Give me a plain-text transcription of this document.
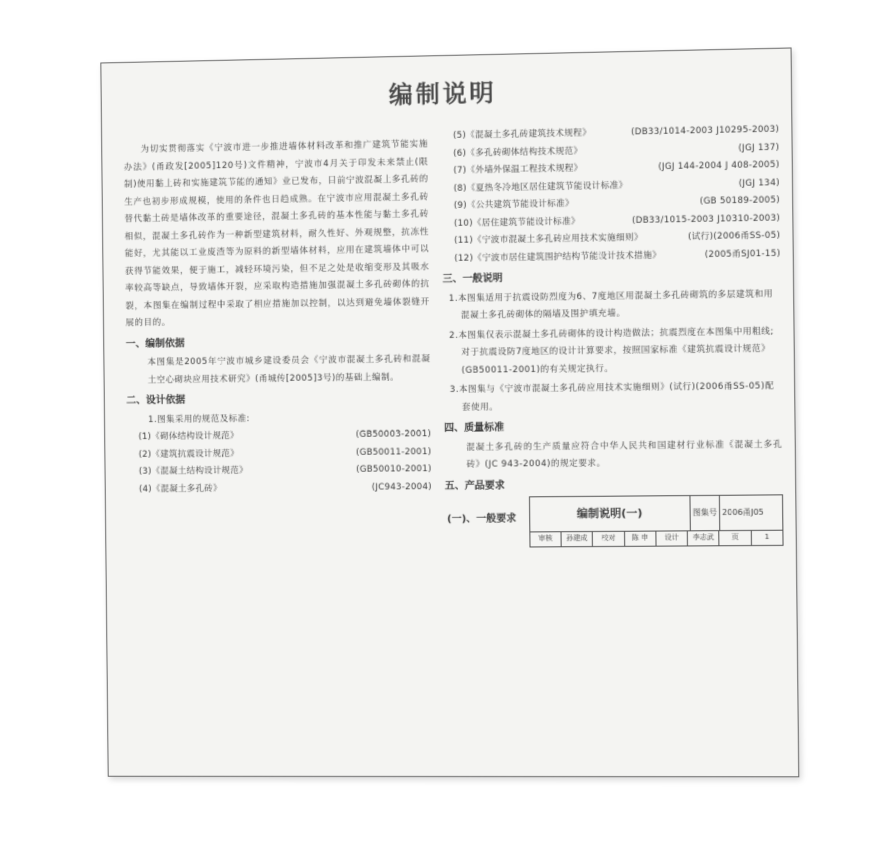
编制说明

为切实贯彻落实《宁波市进一步推进墙体材料改革和推广建筑节能实施办法》(甬政发[2005]120号)文件精神，宁波市4月关于印发未来禁止(限制)使用黏土砖和实施建筑节能的通知》业已发布，目前宁波混凝土多孔砖的生产也初步形成规模，使用的条件也日趋成熟。在宁波市应用混凝土多孔砖替代黏土砖是墙体改革的重要途径，混凝土多孔砖的基本性能与黏土多孔砖相似，混凝土多孔砖作为一种新型建筑材料，耐久性好、外观规整，抗冻性能好，尤其能以工业废渣等为原料的新型墙体材料，应用在建筑墙体中可以获得节能效果，便于施工，减轻环境污染，但不足之处是收缩变形及其吸水率较高等缺点，导致墙体开裂，应采取构造措施加强混凝土多孔砖砌体的抗裂，本图集在编制过程中采取了相应措施加以控制，以达到避免墙体裂缝开展的目的。

一、编制依据
本图集是2005年宁波市城乡建设委员会《宁波市混凝土多孔砖和混凝土空心砌块应用技术研究》(甬城传[2005]3号)的基础上编制。
二、设计依据
1.图集采用的规范及标准:
(1)《砌体结构设计规范》	(GB50003-2001)
(2)《建筑抗震设计规范》	(GB50011-2001)
(3)《混凝土结构设计规范》	(GB50010-2001)
(4)《混凝土多孔砖》	(JC943-2004)
(5)《混凝土多孔砖建筑技术规程》	(DB33/1014-2003 J10295-2003)
(6)《多孔砖砌体结构技术规范》	(JGJ 137)
(7)《外墙外保温工程技术规程》	(JGJ 144-2004 J 408-2005)
(8)《夏热冬冷地区居住建筑节能设计标准》	(JGJ 134)
(9)《公共建筑节能设计标准》	(GB 50189-2005)
(10)《居住建筑节能设计标准》	(DB33/1015-2003 J10310-2003)
(11)《宁波市混凝土多孔砖应用技术实施细则》	(试行)(2006甬SS-05)
(12)《宁波市居住建筑围护结构节能设计技术措施》	(2005甬SJ01-15)
三、一般说明
1.本图集适用于抗震设防烈度为6、7度地区用混凝土多孔砖砌筑的多层建筑和用混凝土多孔砖砌体的隔墙及围护填充墙。
2.本图集仅表示混凝土多孔砖砌体的设计构造做法；抗震烈度在本图集中用粗线;对于抗震设防7度地区的设计计算要求，按照国家标准《建筑抗震设计规范》(GB50011-2001)的有关规定执行。
3.本图集与《宁波市混凝土多孔砖应用技术实施细则》(试行)(2006甬SS-05)配套使用。
四、质量标准
混凝土多孔砖的生产质量应符合中华人民共和国建材行业标准《混凝土多孔砖》(JC 943-2004)的规定要求。
五、产品要求
(一)、一般要求	编制说明(一)	图集号 2006甬J05
审核	孙建成	校对	陈 申	设计	李志武	页	1
